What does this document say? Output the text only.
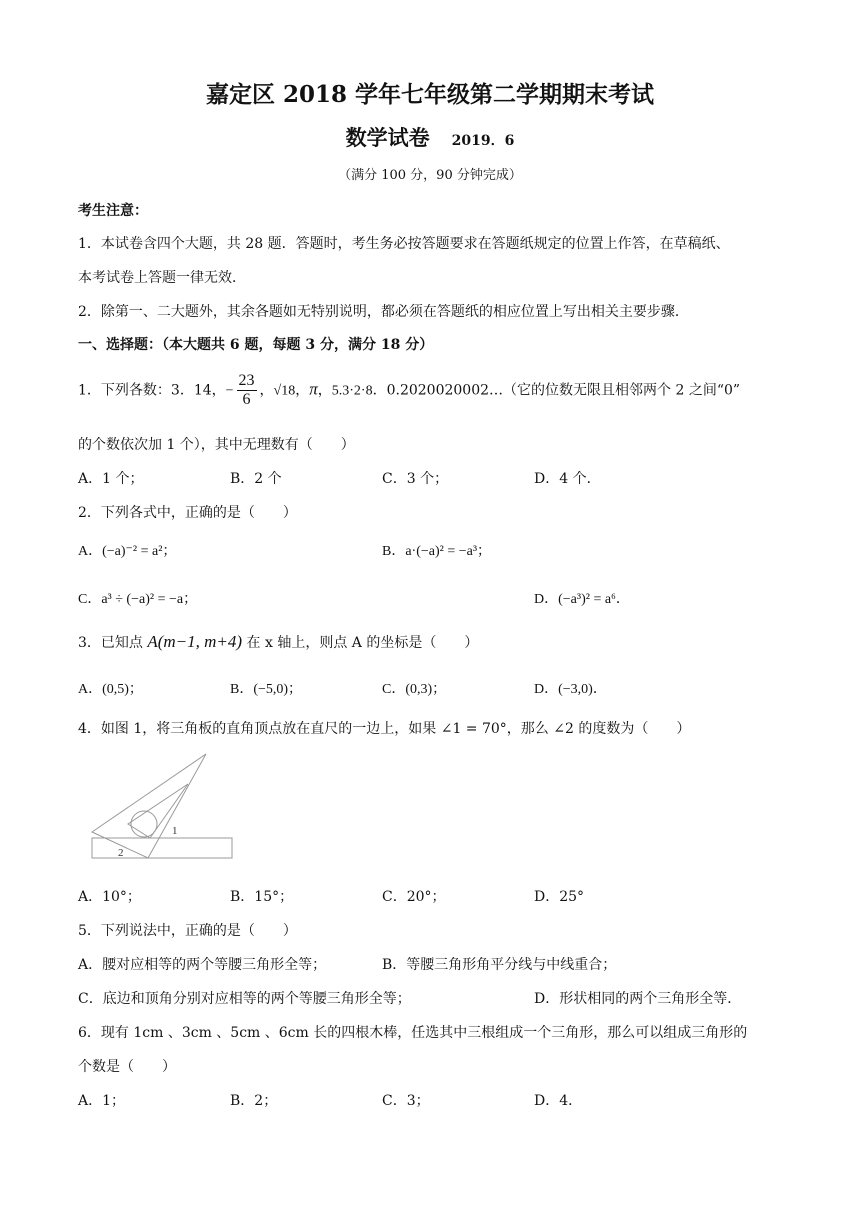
嘉定区 2018 学年七年级第二学期期末考试
数学试卷 2019．6
（满分 100 分，90 分钟完成）
考生注意：
1．本试卷含四个大题，共 28 题．答题时，考生务必按答题要求在答题纸规定的位置上作答，在草稿纸、
本考试卷上答题一律无效．
2．除第一、二大题外，其余各题如无特别说明，都必须在答题纸的相应位置上写出相关主要步骤．
一、选择题：（本大题共 6 题，每题 3 分，满分 18 分）
1．下列各数：3．14，− $\frac{23}{6}$ ，√18，π，5.3·2·8．0.2020020002…（它的位数无限且相邻两个 2 之间“0”
的个数依次加 1 个），其中无理数有（　　）
A．1 个；	B．2 个	C．3 个；	D．4 个．
2．下列各式中，正确的是（　　）
A．(−a)⁻² = a²；	B．a·(−a)² = −a³；
C．a³ ÷ (−a)² = −a；	D．(−a³)² = a⁶．
3．已知点 A(m−1, m+4) 在 x 轴上，则点 A 的坐标是（　　）
A．(0,5)；	B．(−5,0)；	C．(0,3)；	D．(−3,0)．
4．如图 1，将三角板的直角顶点放在直尺的一边上，如果 ∠1 = 70°，那么 ∠2 的度数为（　　）
1
2
A．10°；	B．15°；	C．20°；	D．25°
5．下列说法中，正确的是（　　）
A．腰对应相等的两个等腰三角形全等；	B．等腰三角形角平分线与中线重合；
C．底边和顶角分别对应相等的两个等腰三角形全等；	D．形状相同的两个三角形全等．
6．现有 1cm 、3cm 、5cm 、6cm 长的四根木棒，任选其中三根组成一个三角形，那么可以组成三角形的
个数是（　　）
A．1；	B．2；	C．3；	D．4．
